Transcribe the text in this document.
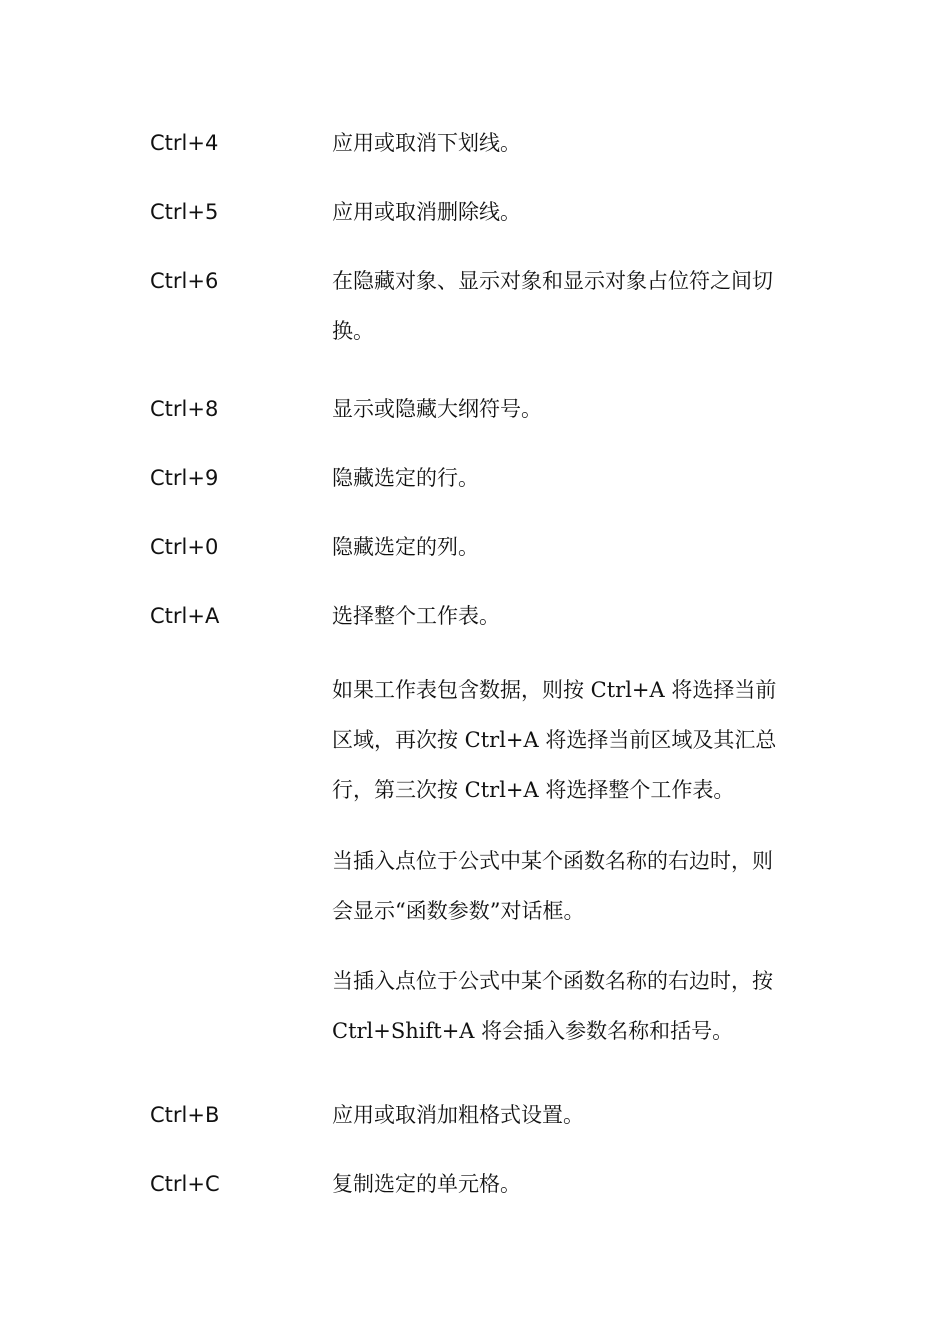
Ctrl+4	应用或取消下划线。
Ctrl+5	应用或取消删除线。
Ctrl+6	在隐藏对象、显示对象和显示对象占位符之间切
换。
Ctrl+8	显示或隐藏大纲符号。
Ctrl+9	隐藏选定的行。
Ctrl+0	隐藏选定的列。
Ctrl+A	选择整个工作表。
如果工作表包含数据，则按 Ctrl+A 将选择当前
区域，再次按 Ctrl+A 将选择当前区域及其汇总
行，第三次按 Ctrl+A 将选择整个工作表。
当插入点位于公式中某个函数名称的右边时，则
会显示“函数参数”对话框。
当插入点位于公式中某个函数名称的右边时，按
Ctrl+Shift+A 将会插入参数名称和括号。
Ctrl+B	应用或取消加粗格式设置。
Ctrl+C	复制选定的单元格。
